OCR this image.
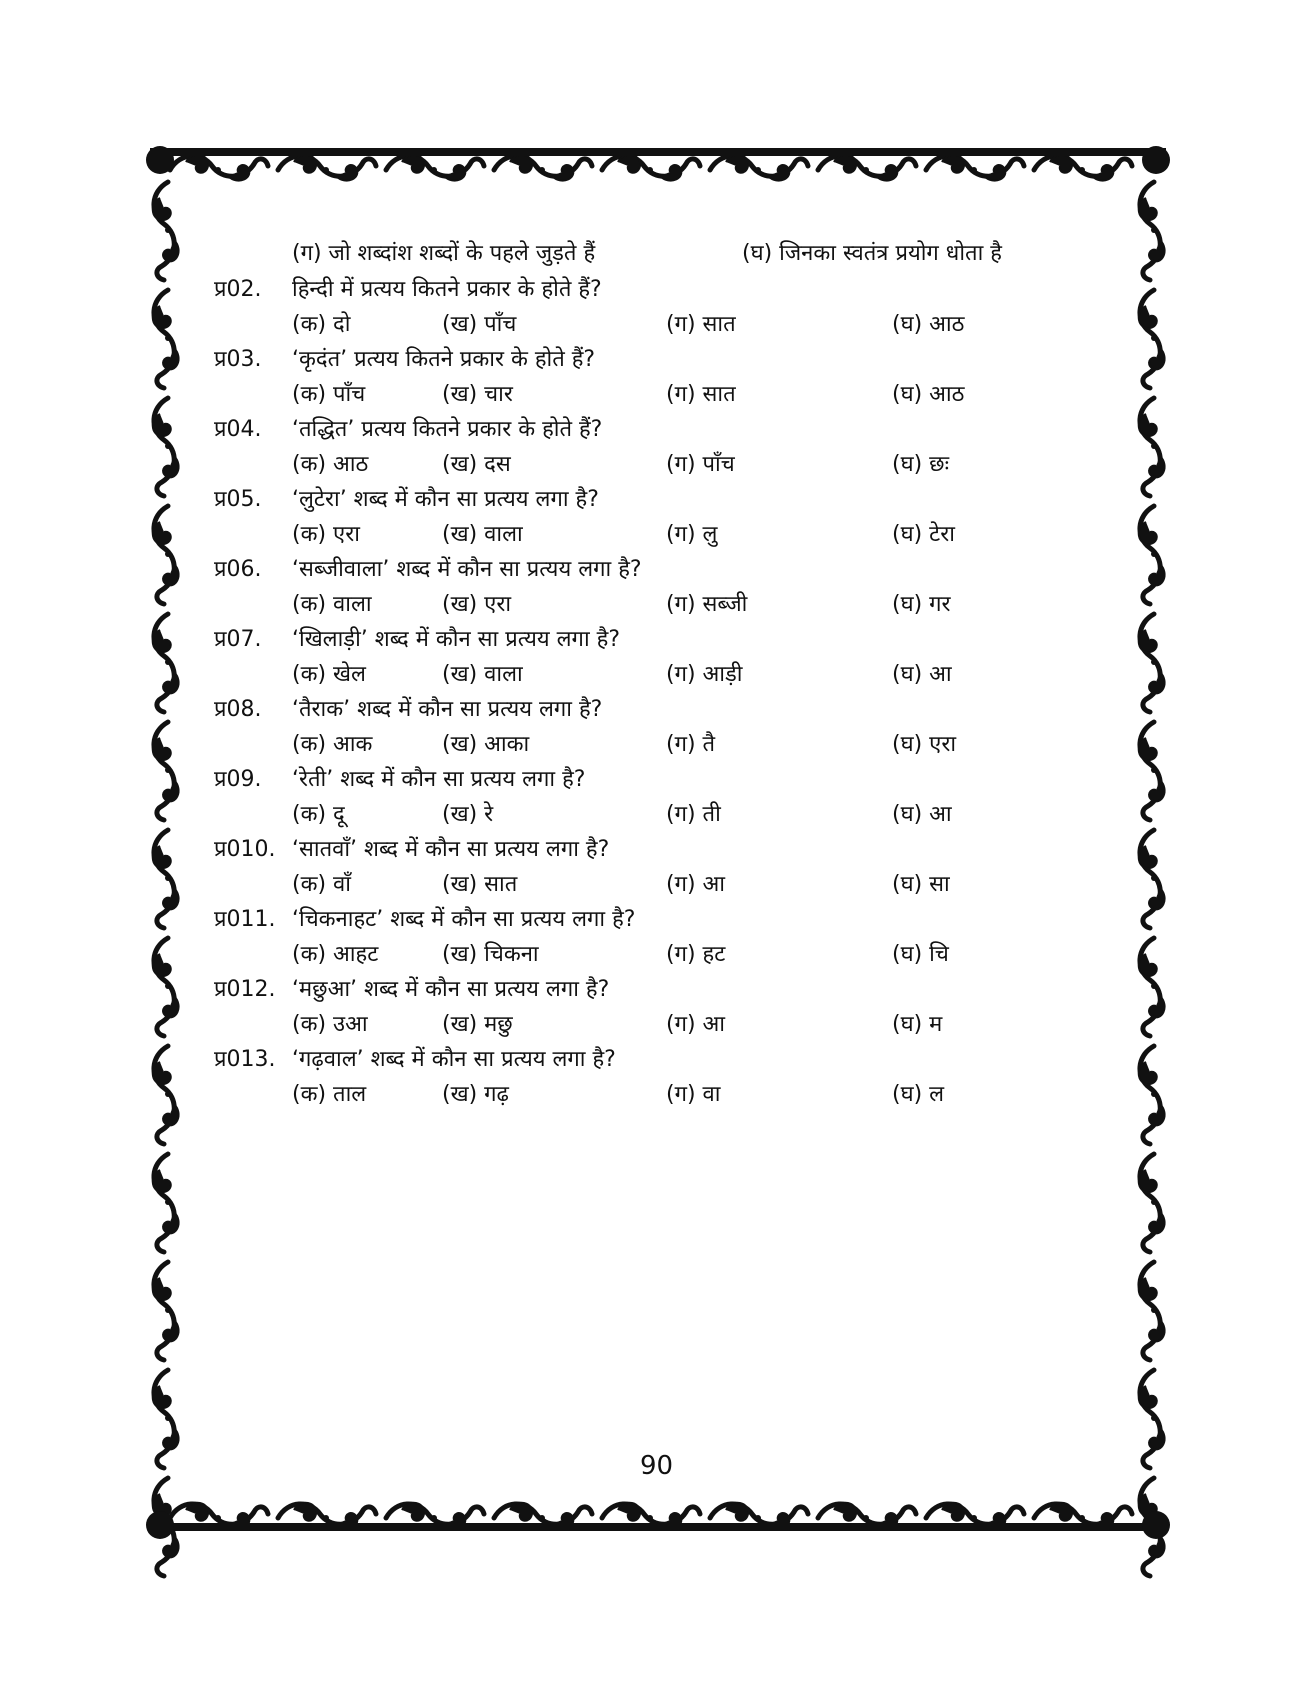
(ग) जो शब्दांश शब्दों के पहले जुड़ते हैं	(घ) जिनका स्वतंत्र प्रयोग धोता है
प्र02. हिन्दी में प्रत्यय कितने प्रकार के होते हैं?
(क) दो	(ख) पाँच	(ग) सात	(घ) आठ
प्र03. ‘कृदंत’ प्रत्यय कितने प्रकार के होते हैं?
(क) पाँच	(ख) चार	(ग) सात	(घ) आठ
प्र04. ‘तद्धित’ प्रत्यय कितने प्रकार के होते हैं?
(क) आठ	(ख) दस	(ग) पाँच	(घ) छः
प्र05. ‘लुटेरा’ शब्द में कौन सा प्रत्यय लगा है?
(क) एरा	(ख) वाला	(ग) लु	(घ) टेरा
प्र06. ‘सब्जीवाला’ शब्द में कौन सा प्रत्यय लगा है?
(क) वाला	(ख) एरा	(ग) सब्जी	(घ) गर
प्र07. ‘खिलाड़ी’ शब्द में कौन सा प्रत्यय लगा है?
(क) खेल	(ख) वाला	(ग) आड़ी	(घ) आ
प्र08. ‘तैराक’ शब्द में कौन सा प्रत्यय लगा है?
(क) आक	(ख) आका	(ग) तै	(घ) एरा
प्र09. ‘रेती’ शब्द में कौन सा प्रत्यय लगा है?
(क) दू	(ख) रे	(ग) ती	(घ) आ
प्र010. ‘सातवाँ’ शब्द में कौन सा प्रत्यय लगा है?
(क) वाँ	(ख) सात	(ग) आ	(घ) सा
प्र011. ‘चिकनाहट’ शब्द में कौन सा प्रत्यय लगा है?
(क) आहट	(ख) चिकना	(ग) हट	(घ) चि
प्र012. ‘मछुआ’ शब्द में कौन सा प्रत्यय लगा है?
(क) उआ	(ख) मछु	(ग) आ	(घ) म
प्र013. ‘गढ़वाल’ शब्द में कौन सा प्रत्यय लगा है?
(क) ताल	(ख) गढ़	(ग) वा	(घ) ल
90
